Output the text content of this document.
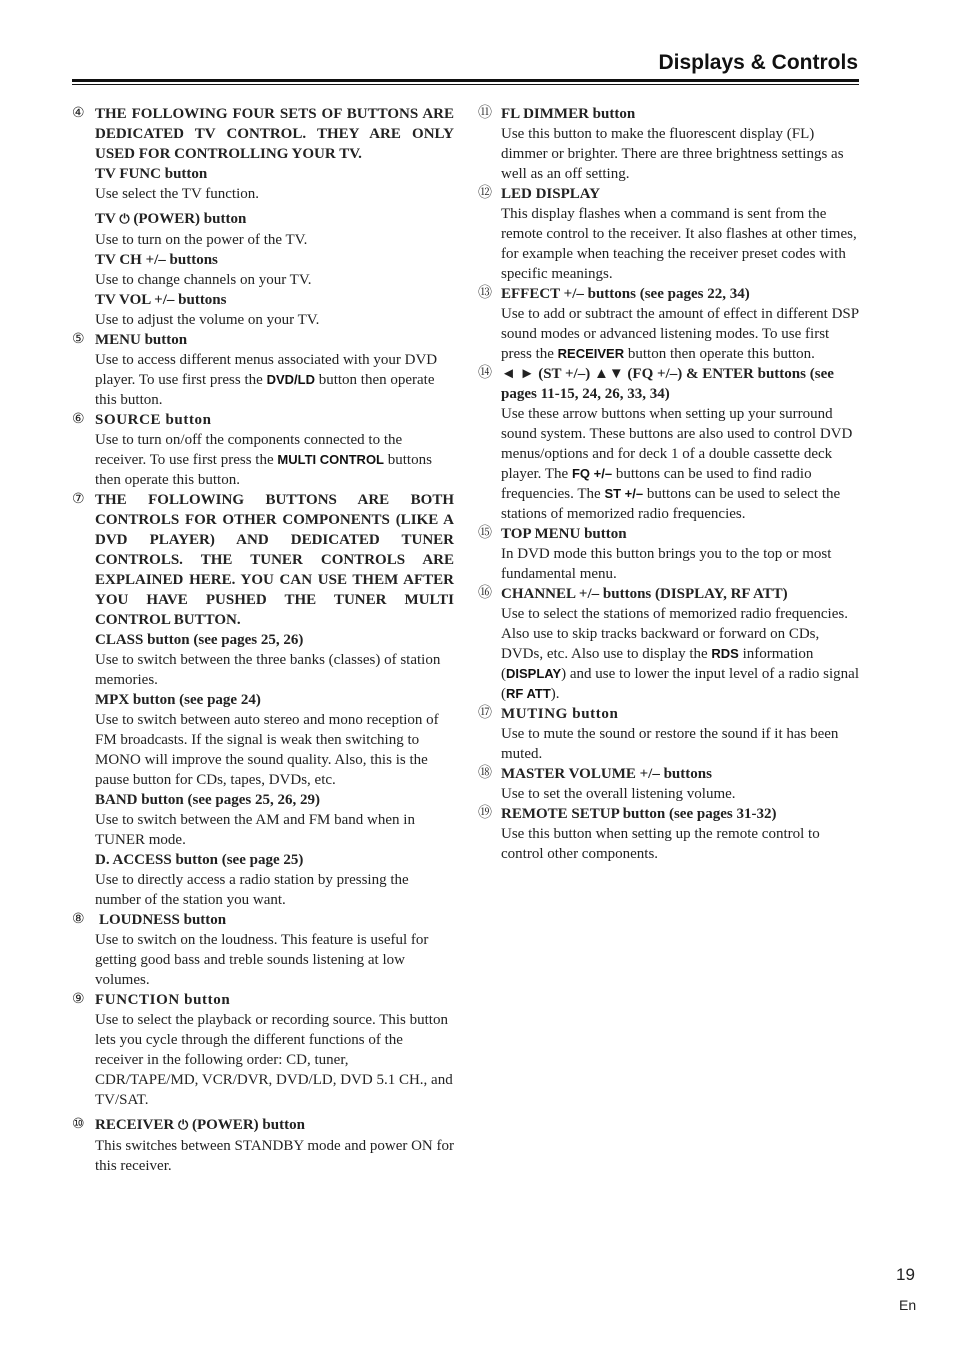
Displays & Controls
④ THE FOLLOWING FOUR SETS OF BUTTONS ARE DEDICATED TV CONTROL. THEY ARE ONLY USED FOR CONTROLLING YOUR TV.
TV FUNC button
Use select the TV function.
TV ⏻ (POWER) button
Use to turn on the power of the TV.
TV CH +/– buttons
Use to change channels on your TV.
TV VOL +/– buttons
Use to adjust the volume on your TV.
⑤ MENU button
Use to access different menus associated with your DVD player. To use first press the DVD/LD button then operate this button.
⑥ SOURCE button
Use to turn on/off the components connected to the receiver. To use first press the MULTI CONTROL buttons then operate this button.
⑦ THE FOLLOWING BUTTONS ARE BOTH CONTROLS FOR OTHER COMPONENTS (LIKE A DVD PLAYER) AND DEDICATED TUNER CONTROLS. THE TUNER CONTROLS ARE EXPLAINED HERE. YOU CAN USE THEM AFTER YOU HAVE PUSHED THE TUNER MULTI CONTROL BUTTON.
CLASS button (see pages 25, 26)
Use to switch between the three banks (classes) of station memories.
MPX button (see page 24)
Use to switch between auto stereo and mono reception of FM broadcasts. If the signal is weak then switching to MONO will improve the sound quality. Also, this is the pause button for CDs, tapes, DVDs, etc.
BAND button (see pages 25, 26, 29)
Use to switch between the AM and FM band when in TUNER mode.
D. ACCESS button (see page 25)
Use to directly access a radio station by pressing the number of the station you want.
⑧ LOUDNESS button
Use to switch on the loudness. This feature is useful for getting good bass and treble sounds listening at low volumes.
⑨ FUNCTION button
Use to select the playback or recording source. This button lets you cycle through the different functions of the receiver in the following order: CD, tuner, CDR/TAPE/MD, VCR/DVR, DVD/LD, DVD 5.1 CH., and TV/SAT.
⑩ RECEIVER ⏻ (POWER) button
This switches between STANDBY mode and power ON for this receiver.
⑪ FL DIMMER button
Use this button to make the fluorescent display (FL) dimmer or brighter. There are three brightness settings as well as an off setting.
⑫ LED DISPLAY
This display flashes when a command is sent from the remote control to the receiver. It also flashes at other times, for example when teaching the receiver preset codes with specific meanings.
⑬ EFFECT +/– buttons (see pages 22, 34)
Use to add or subtract the amount of effect in different DSP sound modes or advanced listening modes. To use first press the RECEIVER button then operate this button.
⑭ ◄ ► (ST +/–) ▲▼ (FQ +/–) & ENTER buttons (see pages 11-15, 24, 26, 33, 34)
Use these arrow buttons when setting up your surround sound system. These buttons are also used to control DVD menus/options and for deck 1 of a double cassette deck player. The FQ +/– buttons can be used to find radio frequencies. The ST +/– buttons can be used to select the stations of memorized radio frequencies.
⑮ TOP MENU button
In DVD mode this button brings you to the top or most fundamental menu.
⑯ CHANNEL +/– buttons (DISPLAY, RF ATT)
Use to select the stations of memorized radio frequencies. Also use to skip tracks backward or forward on CDs, DVDs, etc. Also use to display the RDS information (DISPLAY) and use to lower the input level of a radio signal (RF ATT).
⑰ MUTING button
Use to mute the sound or restore the sound if it has been muted.
⑱ MASTER VOLUME +/– buttons
Use to set the overall listening volume.
⑲ REMOTE SETUP button (see pages 31-32)
Use this button when setting up the remote control to control other components.
19
En
